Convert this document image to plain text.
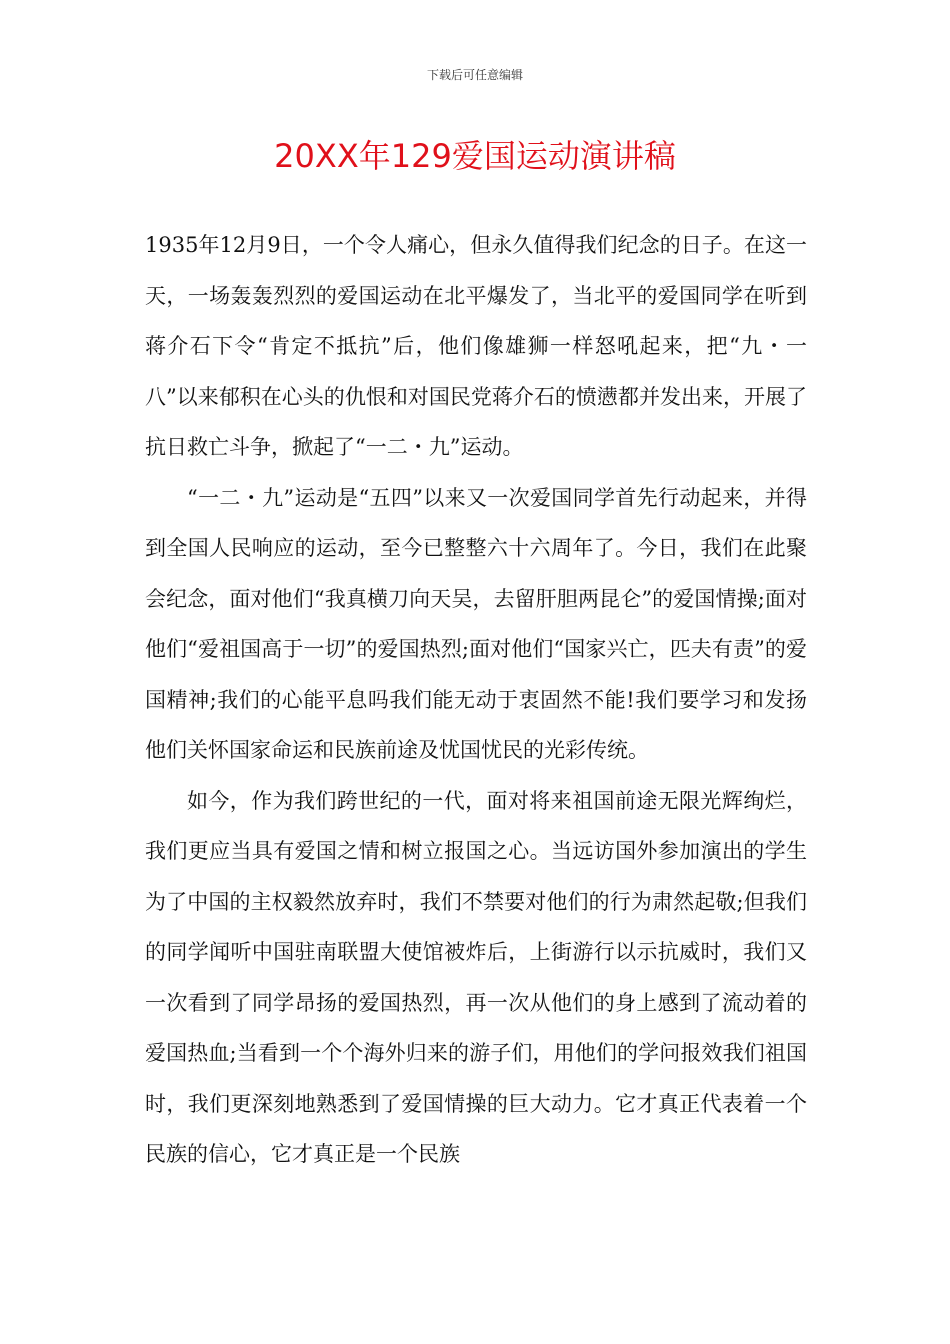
下载后可任意编辑
20XX年129爱国运动演讲稿

1935年12月9日，一个令人痛心，但永久值得我们纪念的日子。在这一天，一场轰轰烈烈的爱国运动在北平爆发了，当北平的爱国同学在听到蒋介石下令“肯定不抵抗”后，他们像雄狮一样怒吼起来，把“九・一八”以来郁积在心头的仇恨和对国民党蒋介石的愤懑都并发出来，开展了抗日救亡斗争，掀起了“一二・九”运动。

“一二・九”运动是“五四”以来又一次爱国同学首先行动起来，并得到全国人民响应的运动，至今已整整六十六周年了。今日，我们在此聚会纪念，面对他们“我真横刀向天吴，去留肝胆两昆仑”的爱国情操;面对他们“爱祖国高于一切”的爱国热烈;面对他们“国家兴亡，匹夫有责”的爱国精神;我们的心能平息吗我们能无动于衷固然不能!我们要学习和发扬他们关怀国家命运和民族前途及忧国忧民的光彩传统。

如今，作为我们跨世纪的一代，面对将来祖国前途无限光辉绚烂，我们更应当具有爱国之情和树立报国之心。当远访国外参加演出的学生为了中国的主权毅然放弃时，我们不禁要对他们的行为肃然起敬;但我们的同学闻听中国驻南联盟大使馆被炸后，上街游行以示抗威时，我们又一次看到了同学昂扬的爱国热烈，再一次从他们的身上感到了流动着的爱国热血;当看到一个个海外归来的游子们，用他们的学问报效我们祖国时，我们更深刻地熟悉到了爱国情操的巨大动力。它才真正代表着一个民族的信心，它才真正是一个民族
